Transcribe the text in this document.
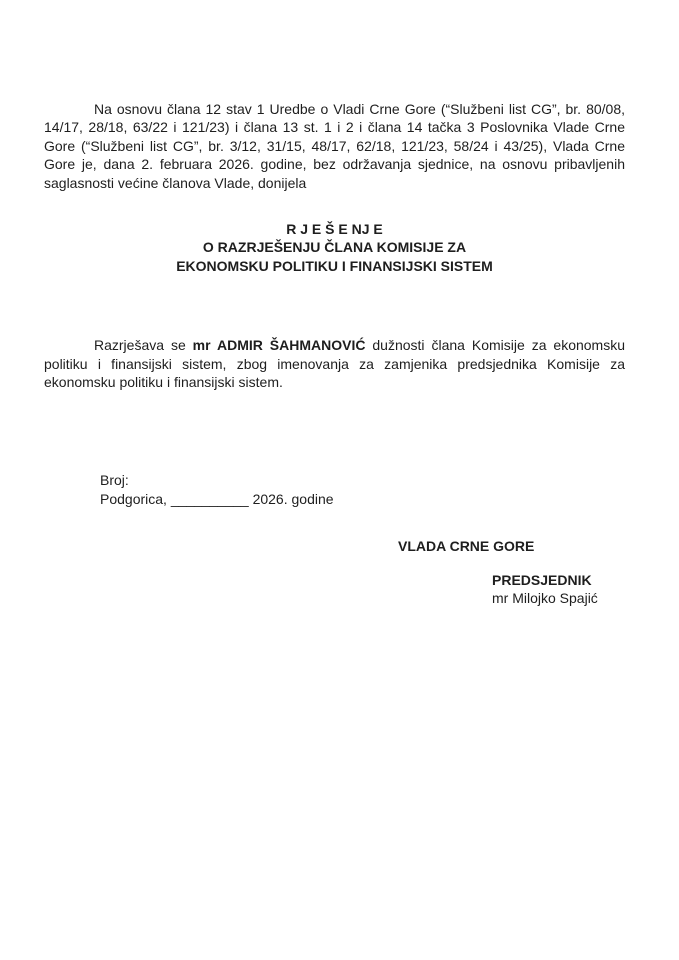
Na osnovu člana 12 stav 1 Uredbe o Vladi Crne Gore (“Službeni list CG”, br. 80/08, 14/17, 28/18, 63/22 i 121/23) i člana 13 st. 1 i 2 i člana 14 tačka 3 Poslovnika Vlade Crne Gore (“Službeni list CG”, br. 3/12, 31/15, 48/17, 62/18, 121/23, 58/24 i 43/25), Vlada Crne Gore je, dana 2. februara 2026. godine, bez održavanja sjednice, na osnovu pribavljenih saglasnosti većine članova Vlade, donijela

R J E Š E NJ E
O RAZRJEŠENJU ČLANA KOMISIJE ZA
EKONOMSKU POLITIKU I FINANSIJSKI SISTEM

Razrješava se mr ADMIR ŠAHMANOVIĆ dužnosti člana Komisije za ekonomsku politiku i finansijski sistem, zbog imenovanja za zamjenika predsjednika Komisije za ekonomsku politiku i finansijski sistem.

Broj:
Podgorica, __________ 2026. godine
VLADA CRNE GORE
PREDSJEDNIK
mr Milojko Spajić
